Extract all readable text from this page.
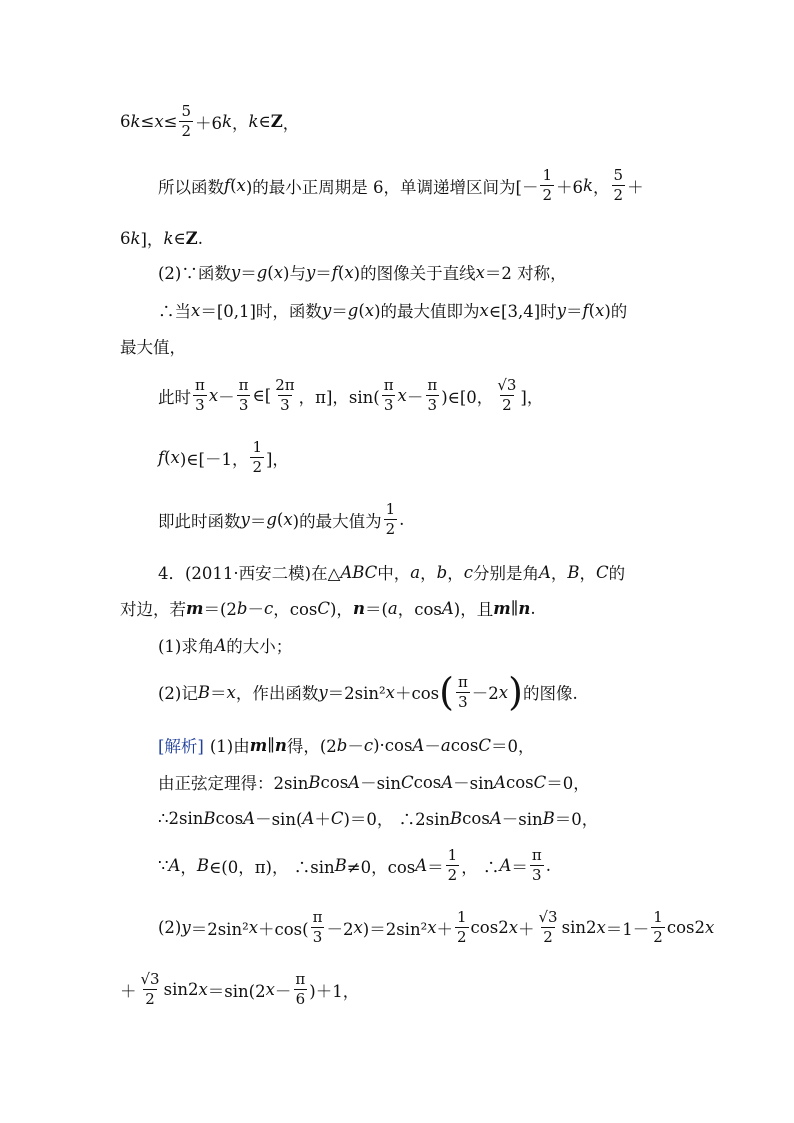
6 $k \le x \le \frac{5}{2} +6$ k ， k ∈ Z ，
所以函数 f ( x )的最小正周期是 6，单调递增区间为[－ $\frac{1}{2} +6$ k ， $\frac{5}{2}$ ＋
6 k ]， k ∈ Z .
(2)∵函数 y ＝ g ( x )与 y ＝ f ( x )的图像关于直线 x ＝2 对称，
∴当 x ＝[0,1]时，函数 y ＝ g ( x )的最大值即为 x ∈[3,4]时 y ＝ f ( x )的
最大值，
此时 $\frac{\pi}{3}$ $x - \frac{\pi}{3}$ ∈[ $\frac{2\pi}{3}$ ，π]，$\sin( \frac{\pi}{3}$ $x - \frac{\pi}{3}$ )∈[0， $\frac{√3}{2}$ ]，
f ( x )∈[－1， $\frac{1}{2}$ ]，
即此时函数 y ＝ g ( x )的最大值为 $\frac{1}{2}$ .
4．(2011·西安二模)在△ ABC 中， a ， b ， c 分别是角 A ， B ， C 的
对边，若 m ＝(2 b － c ，cos C )， n ＝( a ，cos A )，且 m ∥ n .
(1)求角 A 的大小；
(2)记 B ＝ x ，作出函数 y ＝2sin² x ＋cos ( $\frac{\pi}{3} -2$ x ) 的图像.
[解析] (1)由 m ∥ n 得，(2 b － c )·cos A － a cos C ＝0，
由正弦定理得：2sin B cos A －sin C cos A －sin A cos C ＝0，
∴2sin B cos A －sin( A ＋ C )＝0， ∴2sin B cos A －sin B ＝0，
∵ A ， B ∈(0，π)， ∴sin B ≠0，$\cos A = \frac{1}{2}$ ， ∴ $A = \frac{\pi}{3}$ .
(2) y ＝2sin² $x +\cos( \frac{\pi}{3} -2$ x )＝2sin² $x + \frac{1}{2} \cos 2$ $x + \frac{√3}{2} \sin 2$ $x =1- \frac{1}{2} \cos 2$ x
＋ $\frac{√3}{2} \sin 2$ x ＝sin(2 $x - \frac{\pi}{6} )+1$，
